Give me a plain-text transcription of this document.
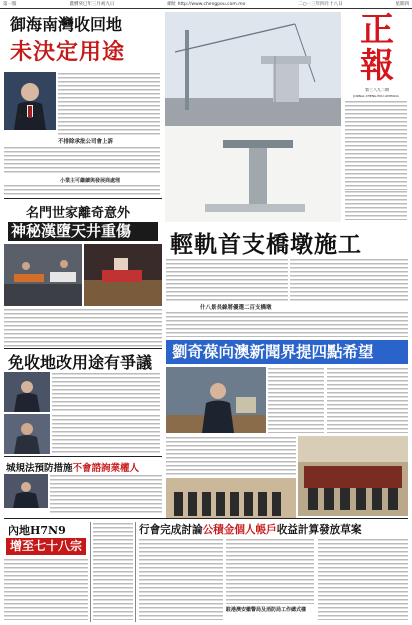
第一版	農曆癸巳年三月初九日	網址 http://www.chengpou.com.mo	二○一三年四月十八日	星期四
御海南灣收回地
未決定用途
不排除承批公司會上訴
小業主可繼續與發展商處理
名門世家離奇意外
神秘漢墮天井重傷
正
報
第三八九二期
JORNAL CHENG POU LIMITADA
輕軌首支橋墩施工
什八景長線將優選二百支橋墩
劉奇葆向澳新聞界提四點希望
免收地改用途有爭議
城規法預防措施不會諮詢業權人
內地H7N9
增至七十八宗
行會完成討論公積金個人帳戶收益計算發放草案
駐港澳安徽警局及消防局工作總式樣
